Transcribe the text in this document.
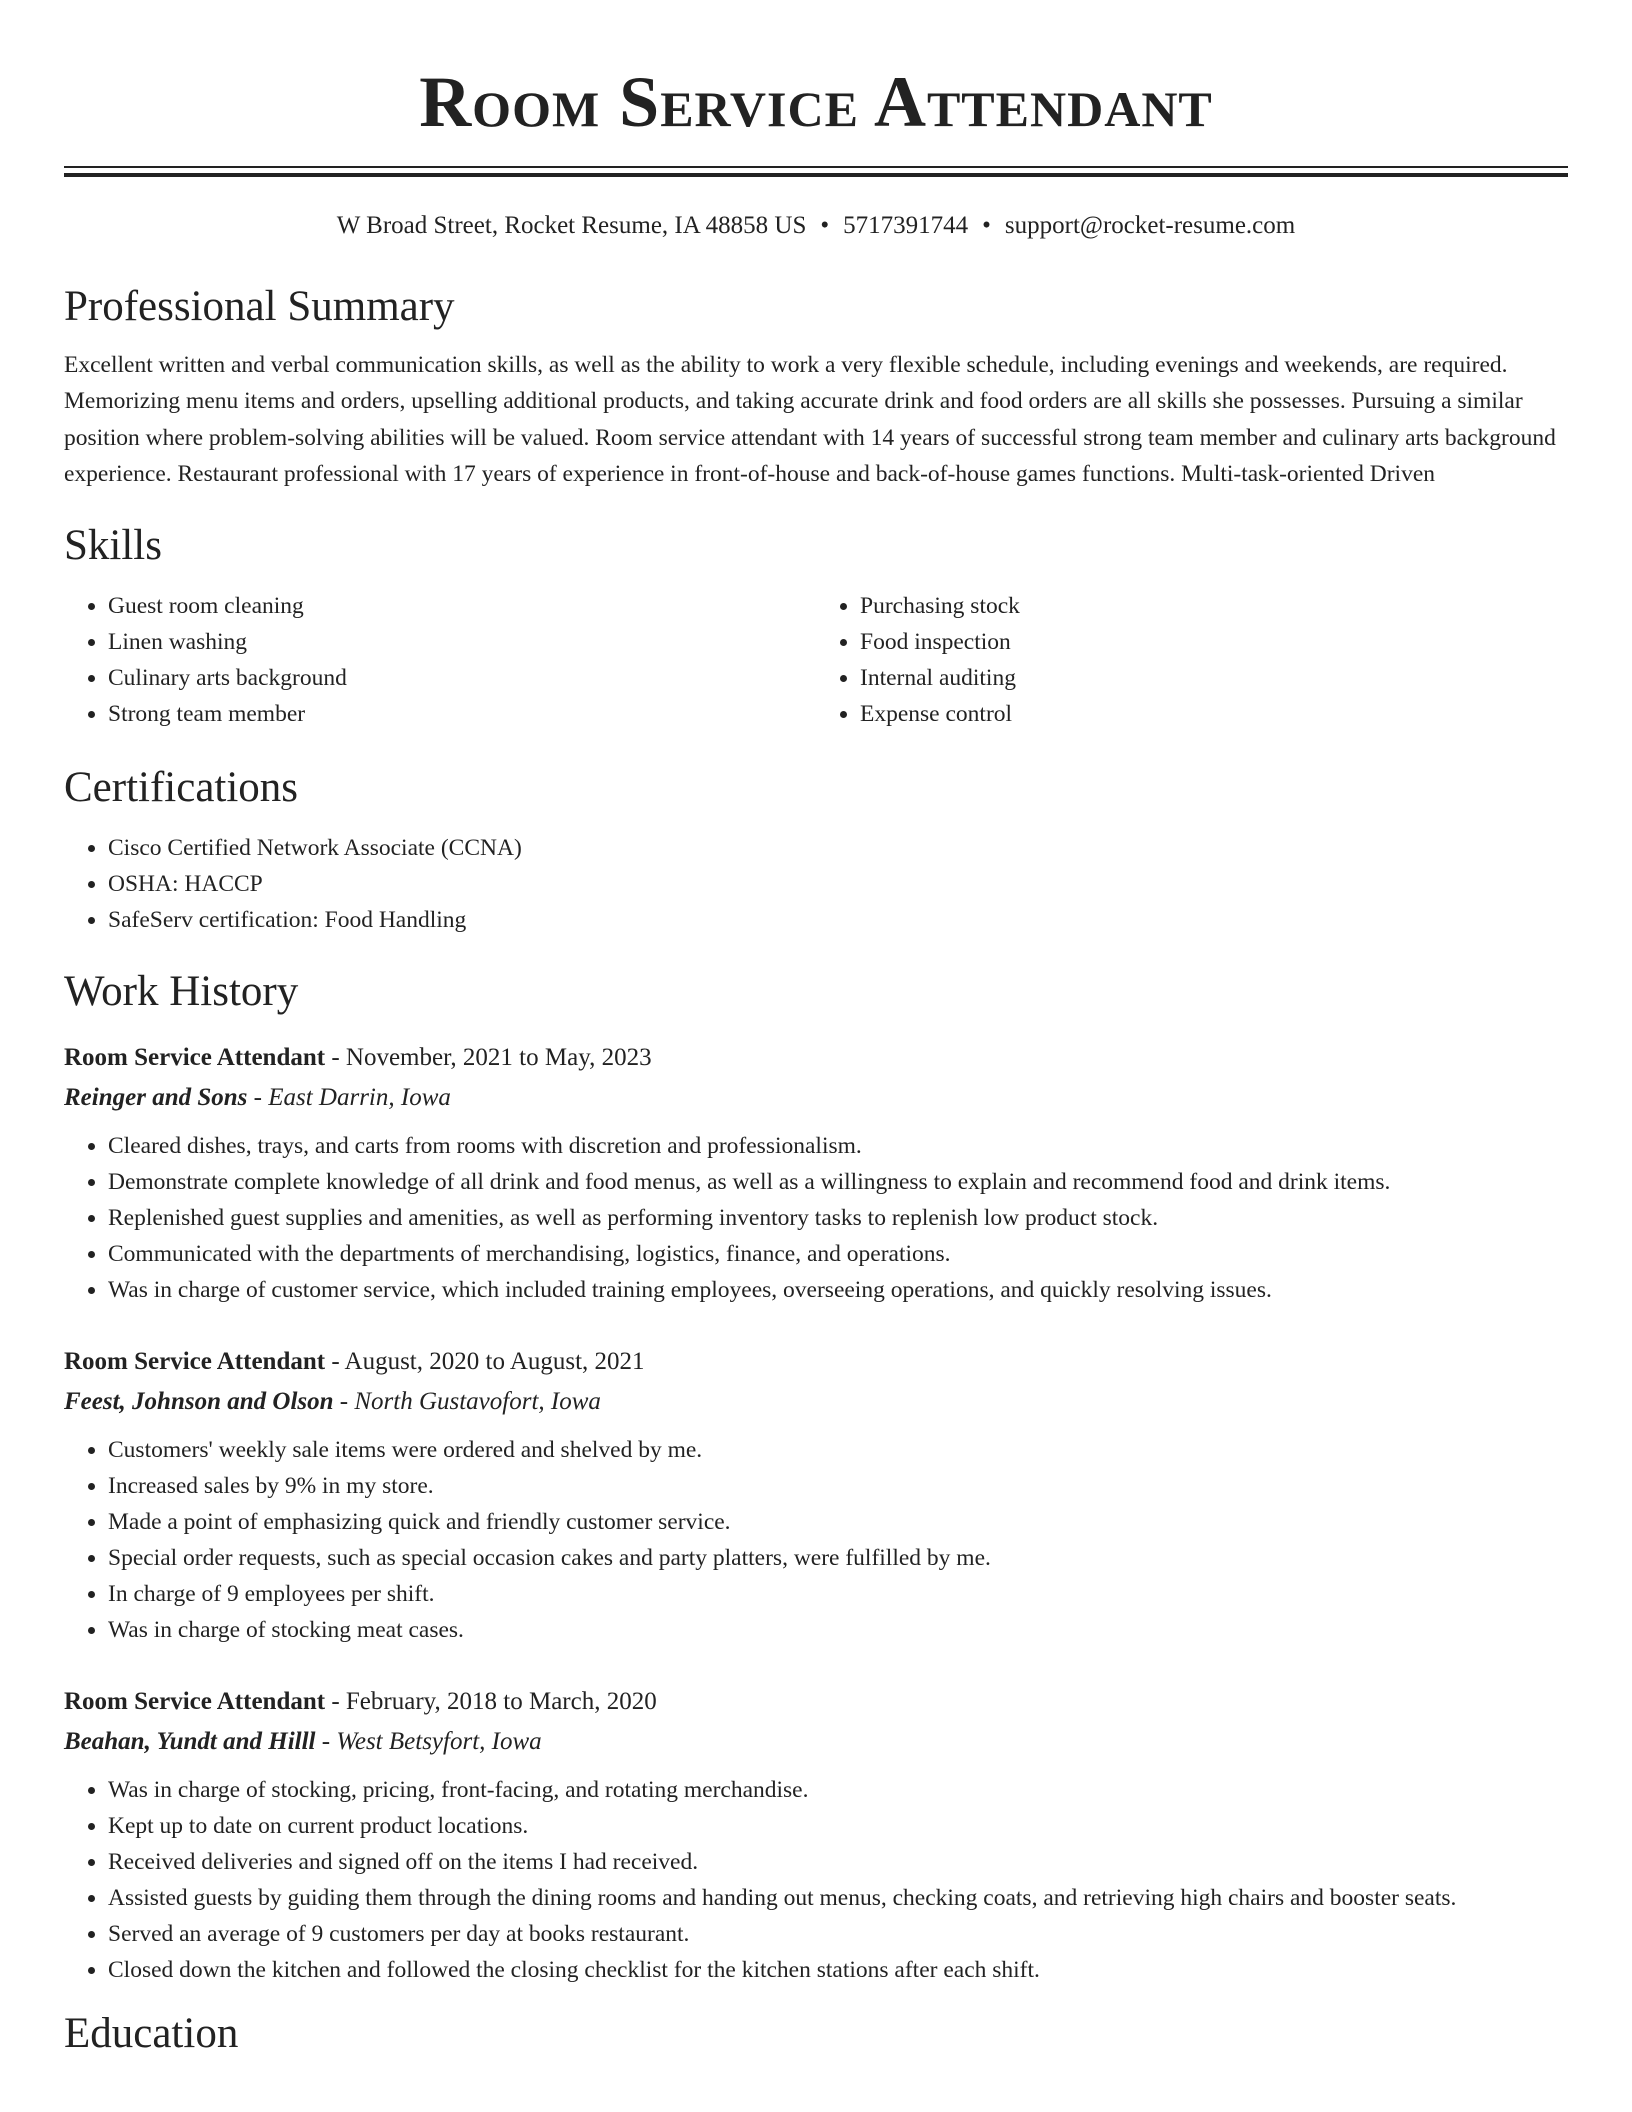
Room Service Attendant
W Broad Street, Rocket Resume, IA 48858 US • 5717391744 • support@rocket-resume.com
Professional Summary
Excellent written and verbal communication skills, as well as the ability to work a very flexible schedule, including evenings and weekends, are required. Memorizing menu items and orders, upselling additional products, and taking accurate drink and food orders are all skills she possesses. Pursuing a similar position where problem-solving abilities will be valued. Room service attendant with 14 years of successful strong team member and culinary arts background experience. Restaurant professional with 17 years of experience in front-of-house and back-of-house games functions. Multi-task-oriented Driven
Skills
• Guest room cleaning
• Linen washing
• Culinary arts background
• Strong team member
• Purchasing stock
• Food inspection
• Internal auditing
• Expense control
Certifications
• Cisco Certified Network Associate (CCNA)
• OSHA: HACCP
• SafeServ certification: Food Handling
Work History
Room Service Attendant - November, 2021 to May, 2023
Reinger and Sons - East Darrin, Iowa
• Cleared dishes, trays, and carts from rooms with discretion and professionalism.
• Demonstrate complete knowledge of all drink and food menus, as well as a willingness to explain and recommend food and drink items.
• Replenished guest supplies and amenities, as well as performing inventory tasks to replenish low product stock.
• Communicated with the departments of merchandising, logistics, finance, and operations.
• Was in charge of customer service, which included training employees, overseeing operations, and quickly resolving issues.
Room Service Attendant - August, 2020 to August, 2021
Feest, Johnson and Olson - North Gustavofort, Iowa
• Customers' weekly sale items were ordered and shelved by me.
• Increased sales by 9% in my store.
• Made a point of emphasizing quick and friendly customer service.
• Special order requests, such as special occasion cakes and party platters, were fulfilled by me.
• In charge of 9 employees per shift.
• Was in charge of stocking meat cases.
Room Service Attendant - February, 2018 to March, 2020
Beahan, Yundt and Hilll - West Betsyfort, Iowa
• Was in charge of stocking, pricing, front-facing, and rotating merchandise.
• Kept up to date on current product locations.
• Received deliveries and signed off on the items I had received.
• Assisted guests by guiding them through the dining rooms and handing out menus, checking coats, and retrieving high chairs and booster seats.
• Served an average of 9 customers per day at books restaurant.
• Closed down the kitchen and followed the closing checklist for the kitchen stations after each shift.
Education
